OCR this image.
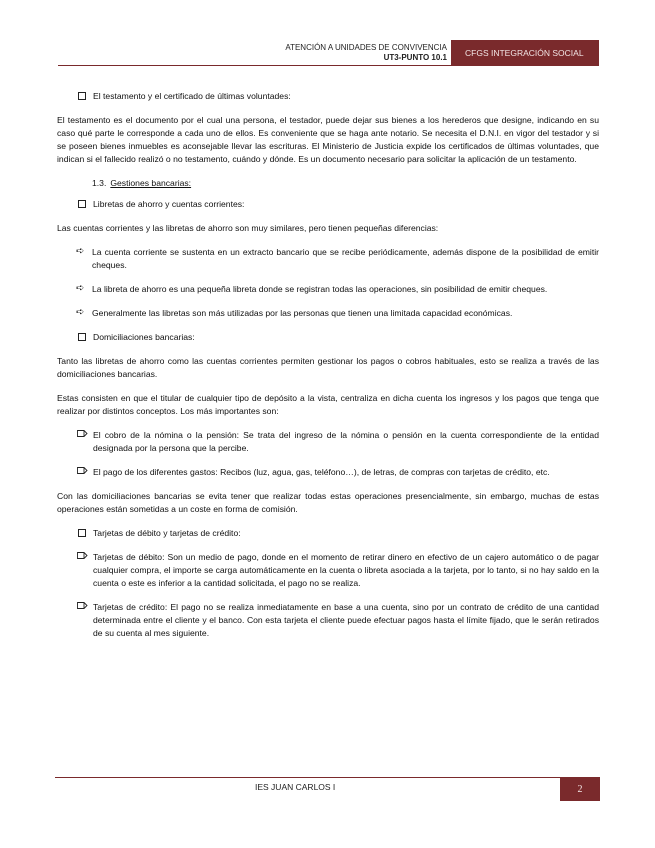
ATENCIÓN A UNIDADES DE CONVIVENCIA
UT3-PUNTO 10.1	CFGS INTEGRACIÓN SOCIAL
El testamento y el certificado de últimas voluntades:

El testamento es el documento por el cual una persona, el testador, puede dejar sus bienes a los herederos que designe, indicando en su caso qué parte le corresponde a cada uno de ellos. Es conveniente que se haga ante notario. Se necesita el D.N.I. en vigor del testador y si se poseen bienes inmuebles es aconsejable llevar las escrituras. El Ministerio de Justicia expide los certificados de últimas voluntades, que indican si el fallecido realizó o no testamento, cuándo y dónde. Es un documento necesario para solicitar la aplicación de un testamento.

1.3. Gestiones bancarias:
Libretas de ahorro y cuentas corrientes:

Las cuentas corrientes y las libretas de ahorro son muy similares, pero tienen pequeñas diferencias:

➪ La cuenta corriente se sustenta en un extracto bancario que se recibe periódicamente, además dispone de la posibilidad de emitir cheques.
➪ La libreta de ahorro es una pequeña libreta donde se registran todas las operaciones, sin posibilidad de emitir cheques.
➪ Generalmente las libretas son más utilizadas por las personas que tienen una limitada capacidad económicas.
Domiciliaciones bancarias:

Tanto las libretas de ahorro como las cuentas corrientes permiten gestionar los pagos o cobros habituales, esto se realiza a través de las domiciliaciones bancarias.

Estas consisten en que el titular de cualquier tipo de depósito a la vista, centraliza en dicha cuenta los ingresos y los pagos que tenga que realizar por distintos conceptos. Los más importantes son:

El cobro de la nómina o la pensión: Se trata del ingreso de la nómina o pensión en la cuenta correspondiente de la entidad designada por la persona que la percibe.
El pago de los diferentes gastos: Recibos (luz, agua, gas, teléfono…), de letras, de compras con tarjetas de crédito, etc.

Con las domiciliaciones bancarias se evita tener que realizar todas estas operaciones presencialmente, sin embargo, muchas de estas operaciones están sometidas a un coste en forma de comisión.

Tarjetas de débito y tarjetas de crédito:
Tarjetas de débito: Son un medio de pago, donde en el momento de retirar dinero en efectivo de un cajero automático o de pagar cualquier compra, el importe se carga automáticamente en la cuenta o libreta asociada a la tarjeta, por lo tanto, si no hay saldo en la cuenta o este es inferior a la cantidad solicitada, el pago no se realiza.
Tarjetas de crédito: El pago no se realiza inmediatamente en base a una cuenta, sino por un contrato de crédito de una cantidad determinada entre el cliente y el banco. Con esta tarjeta el cliente puede efectuar pagos hasta el límite fijado, que le serán retirados de su cuenta al mes siguiente.
IES JUAN CARLOS I	2
